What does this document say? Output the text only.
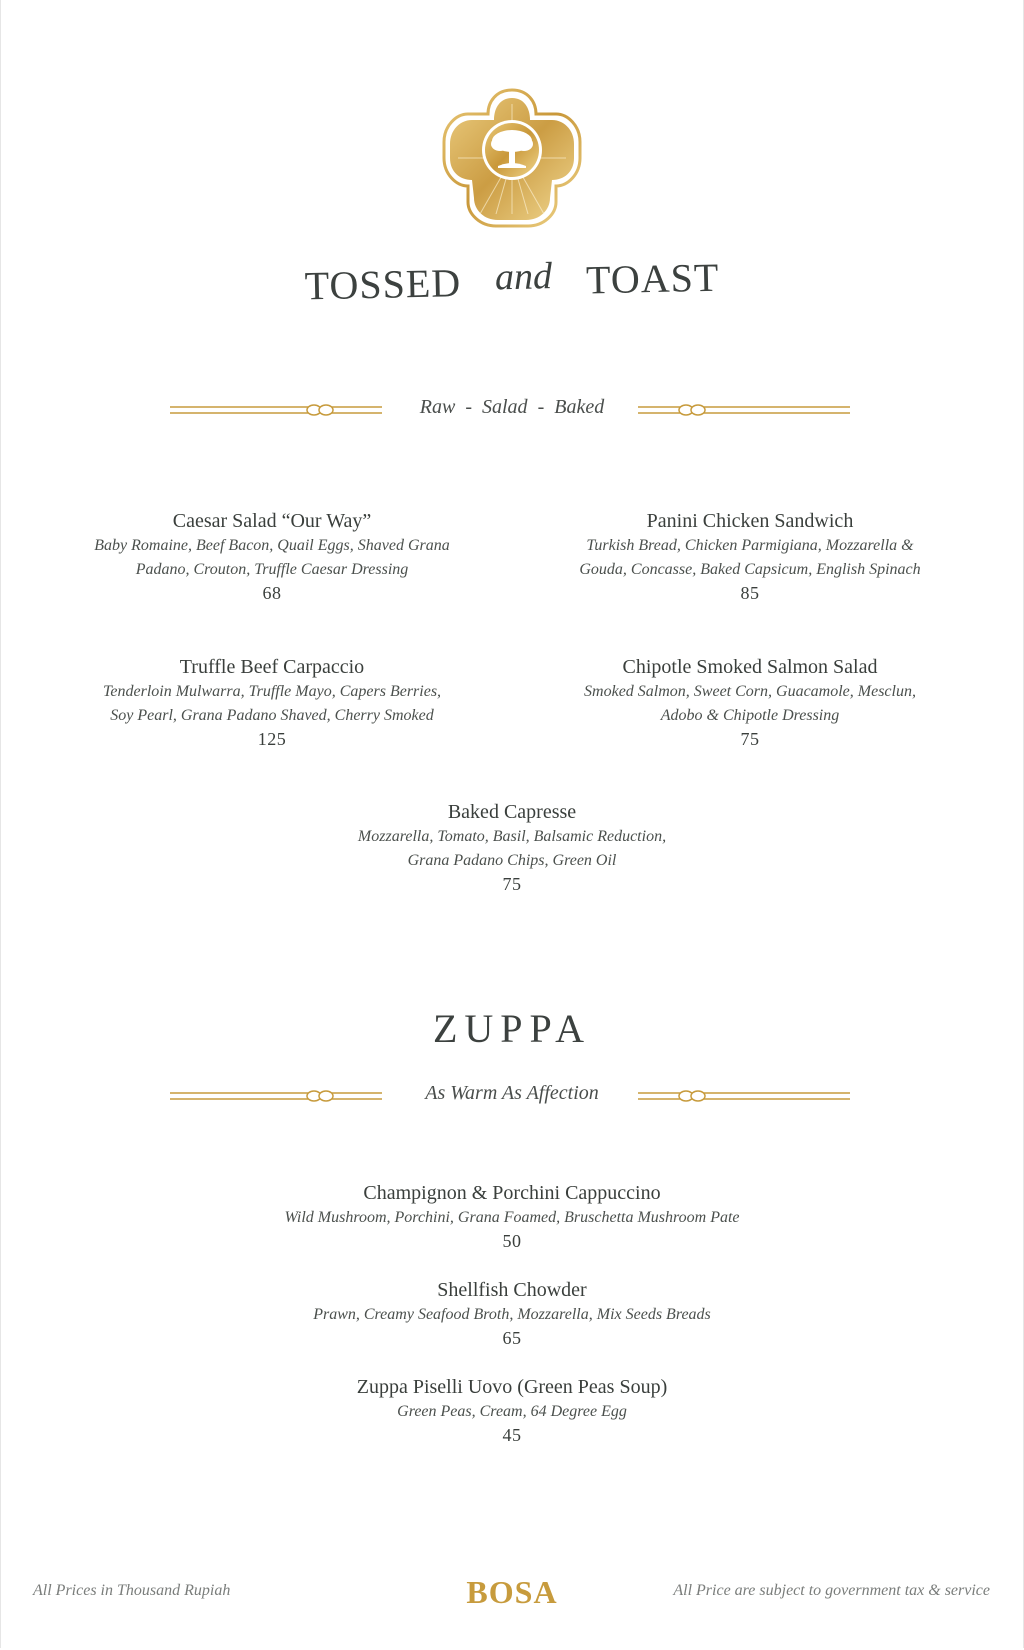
TOSSED and TOAST
Raw - Salad - Baked
Caesar Salad “Our Way”
Baby Romaine, Beef Bacon, Quail Eggs, Shaved Grana
Padano, Crouton, Truffle Caesar Dressing
68
Panini Chicken Sandwich
Turkish Bread, Chicken Parmigiana, Mozzarella &
Gouda, Concasse, Baked Capsicum, English Spinach
85
Truffle Beef Carpaccio
Tenderloin Mulwarra, Truffle Mayo, Capers Berries,
Soy Pearl, Grana Padano Shaved, Cherry Smoked
125
Chipotle Smoked Salmon Salad
Smoked Salmon, Sweet Corn, Guacamole, Mesclun,
Adobo & Chipotle Dressing
75
Baked Capresse
Mozzarella, Tomato, Basil, Balsamic Reduction,
Grana Padano Chips, Green Oil
75
ZUPPA
As Warm As Affection
Champignon & Porchini Cappuccino
Wild Mushroom, Porchini, Grana Foamed, Bruschetta Mushroom Pate
50
Shellfish Chowder
Prawn, Creamy Seafood Broth, Mozzarella, Mix Seeds Breads
65
Zuppa Piselli Uovo (Green Peas Soup)
Green Peas, Cream, 64 Degree Egg
45
All Prices in Thousand Rupiah	BOSA	All Price are subject to government tax & service
